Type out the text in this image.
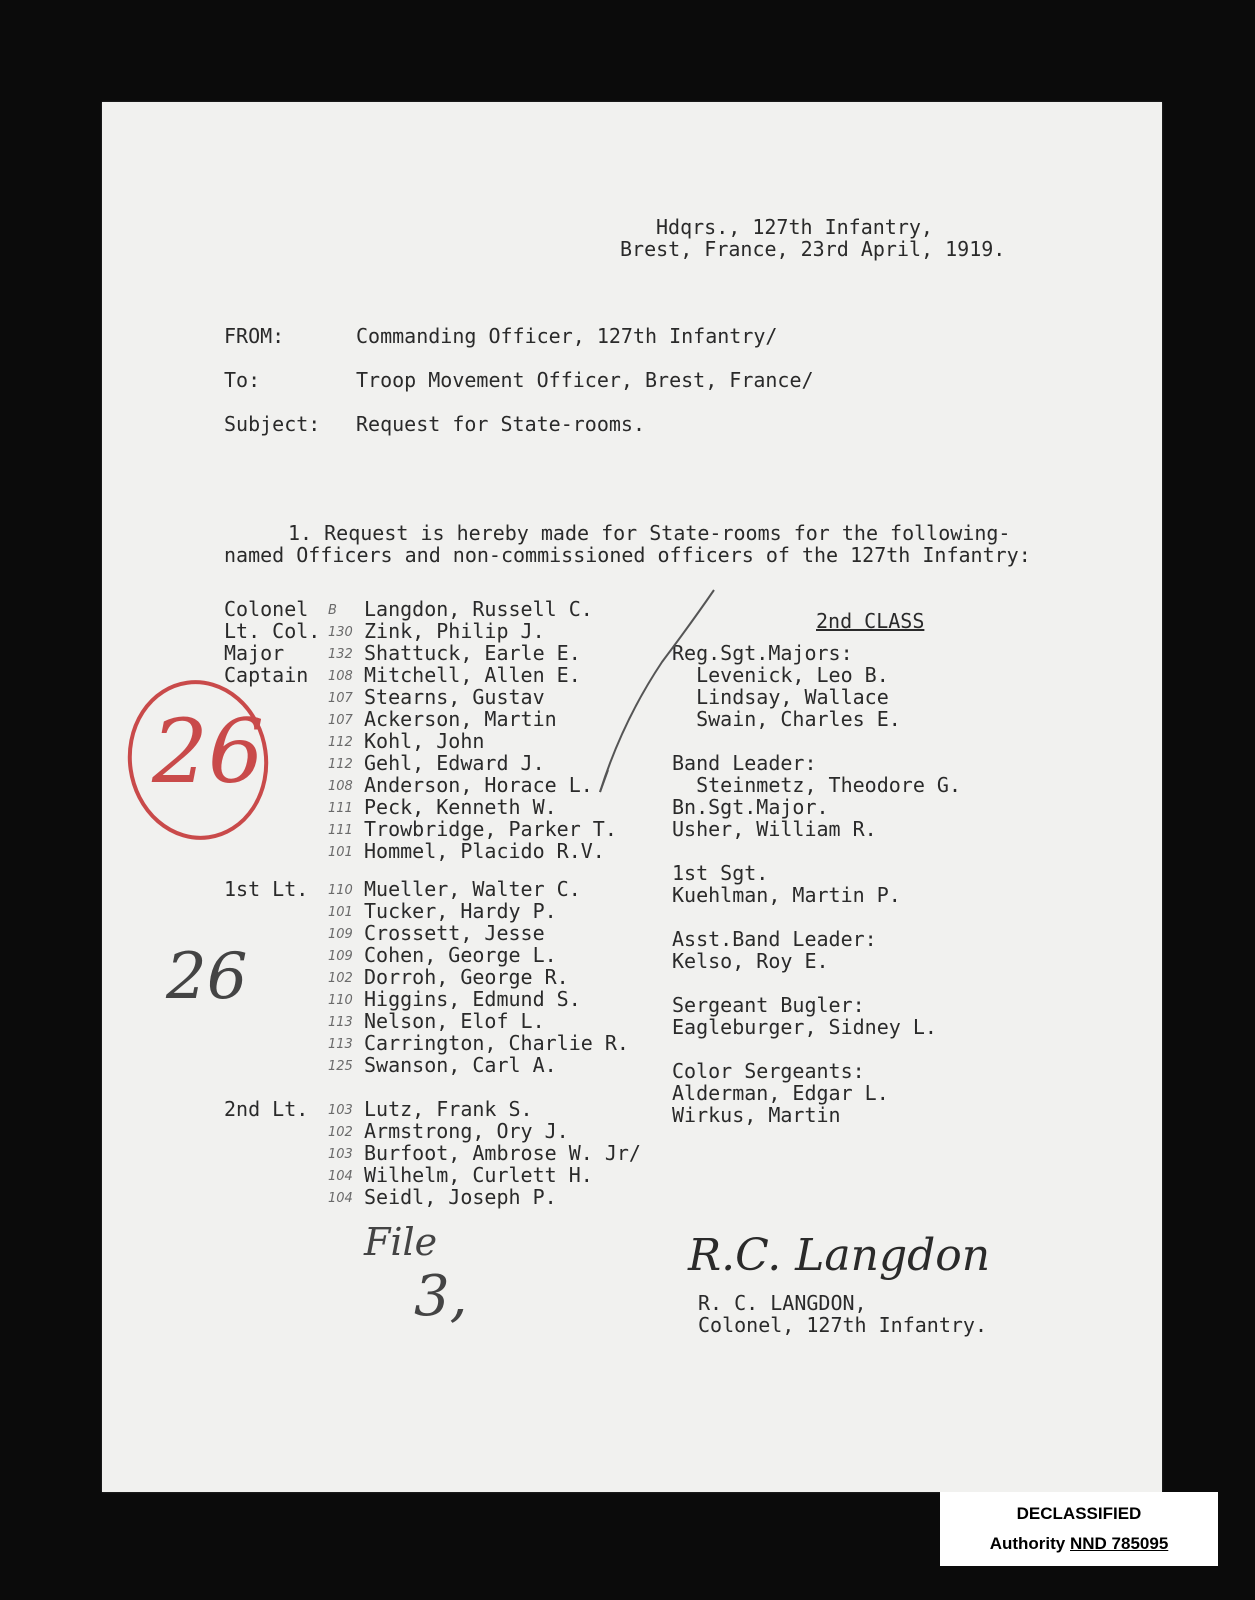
Hdqrs., 127th Infantry,
Brest, France, 23rd April, 1919.
FROM:	Commanding Officer, 127th Infantry/
To:	Troop Movement Officer, Brest, France/
Subject: Request for State-rooms.
1. Request is hereby made for State-rooms for the following-
named Officers and non-commissioned officers of the 127th Infantry:
Colonel B Langdon, Russell C.
Lt. Col. 130 Zink, Philip J.
Major	132 Shattuck, Earle E.
Captain 108 Mitchell, Allen E.
107 Stearns, Gustav
107 Ackerson, Martin
112 Kohl, John
112 Gehl, Edward J.
108 Anderson, Horace L.
111 Peck, Kenneth W.
111 Trowbridge, Parker T.
101 Hommel, Placido R.V.
1st Lt. 110 Mueller, Walter C.
101 Tucker, Hardy P.
109 Crossett, Jesse
109 Cohen, George L.
102 Dorroh, George R.
110 Higgins, Edmund S.
113 Nelson, Elof L.
113 Carrington, Charlie R.
125 Swanson, Carl A.
2nd Lt. 103 Lutz, Frank S.
102 Armstrong, Ory J.
103 Burfoot, Ambrose W. Jr/
104 Wilhelm, Curlett H.
104 Seidl, Joseph P.
2nd CLASS
Reg.Sgt.Majors:
Levenick, Leo B.
Lindsay, Wallace
Swain, Charles E.
Band Leader:
Steinmetz, Theodore G.
Bn.Sgt.Major.
Usher, William R.
1st Sgt.
Kuehlman, Martin P.
Asst.Band Leader:
Kelso, Roy E.
Sergeant Bugler:
Eagleburger, Sidney L.
Color Sergeants:
Alderman, Edgar L.
Wirkus, Martin
26
26
File
3,
R.C. Langdon
R. C. LANGDON,
Colonel, 127th Infantry.
DECLASSIFIED
Authority NND 785095
